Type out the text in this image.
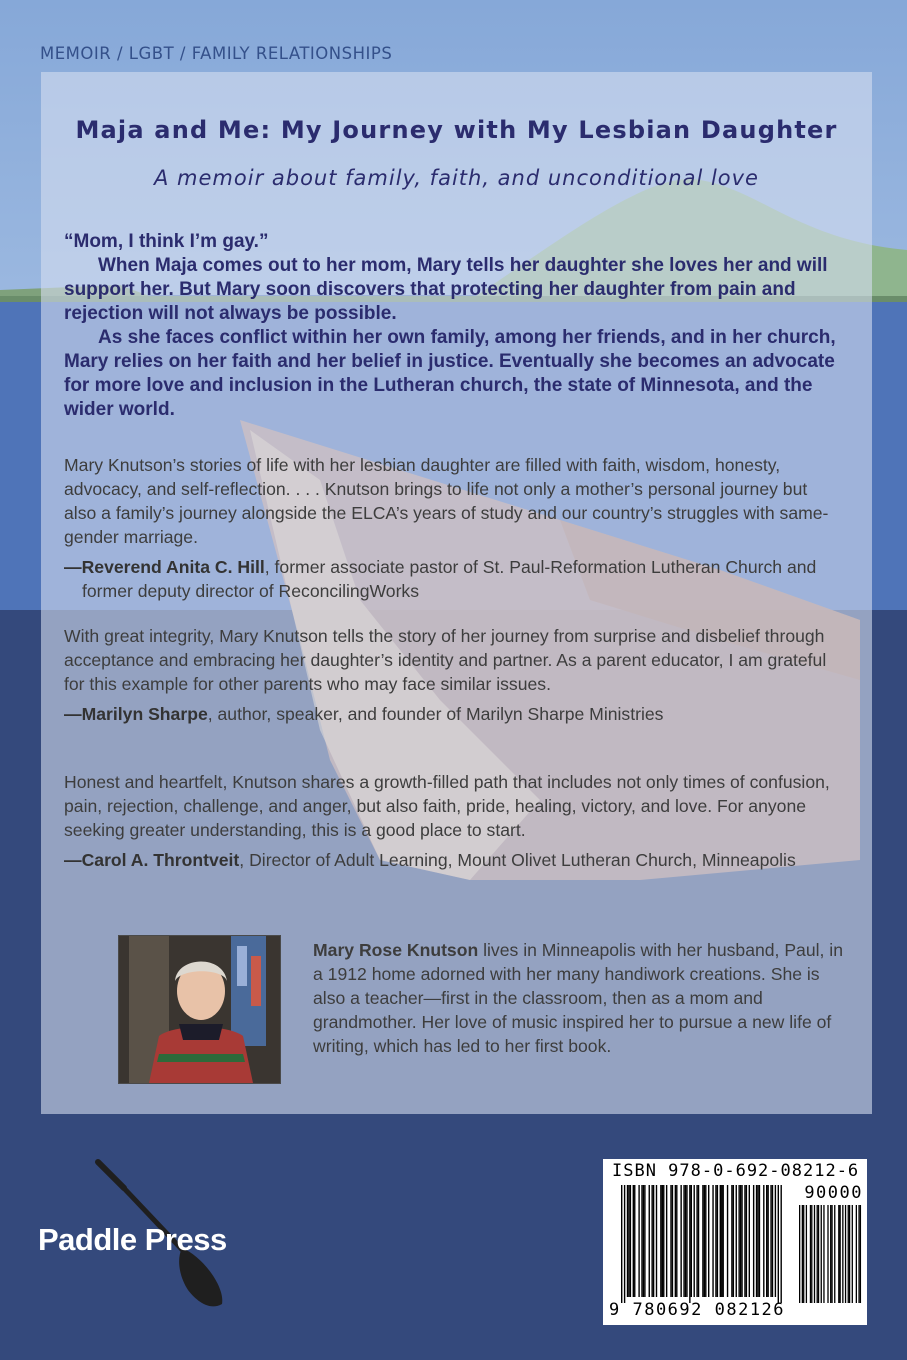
MEMOIR / LGBT / FAMILY RELATIONSHIPS
Maja and Me: My Journey with My Lesbian Daughter
A memoir about family, faith, and unconditional love

“Mom, I think I’m gay.”

When Maja comes out to her mom, Mary tells her daughter she loves her and will support her. But Mary soon discovers that protecting her daughter from pain and rejection will not always be possible.

As she faces conflict within her own family, among her friends, and in her church, Mary relies on her faith and her belief in justice. Eventually she becomes an advocate for more love and inclusion in the Lutheran church, the state of Minnesota, and the wider world.

Mary Knutson’s stories of life with her lesbian daughter are filled with faith, wisdom, honesty, advocacy, and self-reflection. . . . Knutson brings to life not only a mother’s personal journey but also a family’s journey alongside the ELCA’s years of study and our country’s struggles with same-gender marriage.

—Reverend Anita C. Hill, former associate pastor of St. Paul-Reformation Lutheran Church and former deputy director of ReconcilingWorks

With great integrity, Mary Knutson tells the story of her journey from surprise and disbelief through acceptance and embracing her daughter’s identity and partner. As a parent educator, I am grateful for this example for other parents who may face similar issues.

—Marilyn Sharpe, author, speaker, and founder of Marilyn Sharpe Ministries

Honest and heartfelt, Knutson shares a growth-filled path that includes not only times of confusion, pain, rejection, challenge, and anger, but also faith, pride, healing, victory, and love. For anyone seeking greater understanding, this is a good place to start.

—Carol A. Throntveit, Director of Adult Learning, Mount Olivet Lutheran Church, Minneapolis

Mary Rose Knutson lives in Minneapolis with her husband, Paul, in a 1912 home adorned with her many handiwork creations. She is also a teacher—first in the classroom, then as a mom and grandmother. Her love of music inspired her to pursue a new life of writing, which has led to her first book.
Paddle Press
ISBN 978-0-692-08212-6
90000
9 780692 082126
